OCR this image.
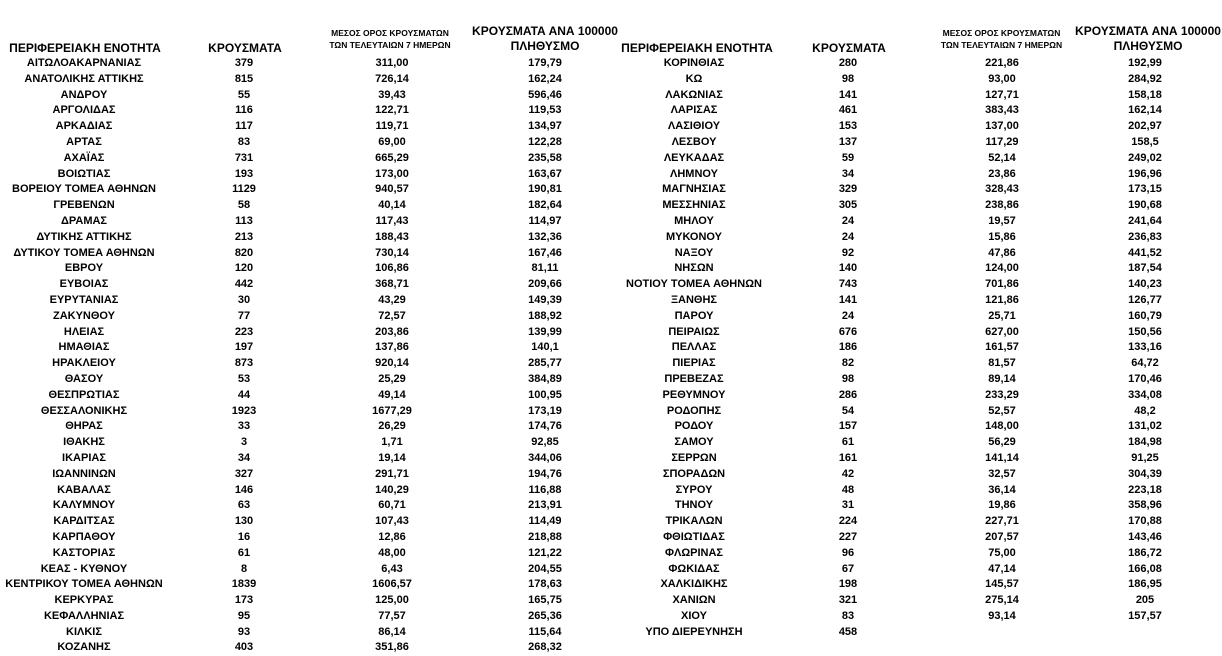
ΠΕΡΙΦΕΡΕΙΑΚΗ ΕΝΟΤΗΤΑ	ΚΡΟΥΣΜΑΤΑ
ΜΕΣΟΣ ΟΡΟΣ ΚΡΟΥΣΜΑΤΩΝ
ΤΩΝ ΤΕΛΕΥΤΑΙΩΝ 7 ΗΜΕΡΩΝ
ΚΡΟΥΣΜΑΤΑ ΑΝΑ 100000
ΠΛΗΘΥΣΜΟ
ΑΙΤΩΛΟΑΚΑΡΝΑΝΙΑΣ	379	311,00	179,79
ΑΝΑΤΟΛΙΚΗΣ ΑΤΤΙΚΗΣ	815	726,14	162,24
ΑΝΔΡΟΥ	55	39,43	596,46
ΑΡΓΟΛΙΔΑΣ	116	122,71	119,53
ΑΡΚΑΔΙΑΣ	117	119,71	134,97
ΑΡΤΑΣ	83	69,00	122,28
ΑΧΑΪΑΣ	731	665,29	235,58
ΒΟΙΩΤΙΑΣ	193	173,00	163,67
ΒΟΡΕΙΟΥ ΤΟΜΕΑ ΑΘΗΝΩΝ	1129	940,57	190,81
ΓΡΕΒΕΝΩΝ	58	40,14	182,64
ΔΡΑΜΑΣ	113	117,43	114,97
ΔΥΤΙΚΗΣ ΑΤΤΙΚΗΣ	213	188,43	132,36
ΔΥΤΙΚΟΥ ΤΟΜΕΑ ΑΘΗΝΩΝ	820	730,14	167,46
ΕΒΡΟΥ	120	106,86	81,11
ΕΥΒΟΙΑΣ	442	368,71	209,66
ΕΥΡΥΤΑΝΙΑΣ	30	43,29	149,39
ΖΑΚΥΝΘΟΥ	77	72,57	188,92
ΗΛΕΙΑΣ	223	203,86	139,99
ΗΜΑΘΙΑΣ	197	137,86	140,1
ΗΡΑΚΛΕΙΟΥ	873	920,14	285,77
ΘΑΣΟΥ	53	25,29	384,89
ΘΕΣΠΡΩΤΙΑΣ	44	49,14	100,95
ΘΕΣΣΑΛΟΝΙΚΗΣ	1923	1677,29	173,19
ΘΗΡΑΣ	33	26,29	174,76
ΙΘΑΚΗΣ	3	1,71	92,85
ΙΚΑΡΙΑΣ	34	19,14	344,06
ΙΩΑΝΝΙΝΩΝ	327	291,71	194,76
ΚΑΒΑΛΑΣ	146	140,29	116,88
ΚΑΛΥΜΝΟΥ	63	60,71	213,91
ΚΑΡΔΙΤΣΑΣ	130	107,43	114,49
ΚΑΡΠΑΘΟΥ	16	12,86	218,88
ΚΑΣΤΟΡΙΑΣ	61	48,00	121,22
ΚΕΑΣ - ΚΥΘΝΟΥ	8	6,43	204,55
ΚΕΝΤΡΙΚΟΥ ΤΟΜΕΑ ΑΘΗΝΩΝ	1839	1606,57	178,63
ΚΕΡΚΥΡΑΣ	173	125,00	165,75
ΚΕΦΑΛΛΗΝΙΑΣ	95	77,57	265,36
ΚΙΛΚΙΣ	93	86,14	115,64
ΚΟΖΑΝΗΣ	403	351,86	268,32
ΠΕΡΙΦΕΡΕΙΑΚΗ ΕΝΟΤΗΤΑ	ΚΡΟΥΣΜΑΤΑ
ΜΕΣΟΣ ΟΡΟΣ ΚΡΟΥΣΜΑΤΩΝ
ΤΩΝ ΤΕΛΕΥΤΑΙΩΝ 7 ΗΜΕΡΩΝ
ΚΡΟΥΣΜΑΤΑ ΑΝΑ 100000
ΠΛΗΘΥΣΜΟ
ΚΟΡΙΝΘΙΑΣ	280	221,86	192,99
ΚΩ	98	93,00	284,92
ΛΑΚΩΝΙΑΣ	141	127,71	158,18
ΛΑΡΙΣΑΣ	461	383,43	162,14
ΛΑΣΙΘΙΟΥ	153	137,00	202,97
ΛΕΣΒΟΥ	137	117,29	158,5
ΛΕΥΚΑΔΑΣ	59	52,14	249,02
ΛΗΜΝΟΥ	34	23,86	196,96
ΜΑΓΝΗΣΙΑΣ	329	328,43	173,15
ΜΕΣΣΗΝΙΑΣ	305	238,86	190,68
ΜΗΛΟΥ	24	19,57	241,64
ΜΥΚΟΝΟΥ	24	15,86	236,83
ΝΑΞΟΥ	92	47,86	441,52
ΝΗΣΩΝ	140	124,00	187,54
ΝΟΤΙΟΥ ΤΟΜΕΑ ΑΘΗΝΩΝ	743	701,86	140,23
ΞΑΝΘΗΣ	141	121,86	126,77
ΠΑΡΟΥ	24	25,71	160,79
ΠΕΙΡΑΙΩΣ	676	627,00	150,56
ΠΕΛΛΑΣ	186	161,57	133,16
ΠΙΕΡΙΑΣ	82	81,57	64,72
ΠΡΕΒΕΖΑΣ	98	89,14	170,46
ΡΕΘΥΜΝΟΥ	286	233,29	334,08
ΡΟΔΟΠΗΣ	54	52,57	48,2
ΡΟΔΟΥ	157	148,00	131,02
ΣΑΜΟΥ	61	56,29	184,98
ΣΕΡΡΩΝ	161	141,14	91,25
ΣΠΟΡΑΔΩΝ	42	32,57	304,39
ΣΥΡΟΥ	48	36,14	223,18
ΤΗΝΟΥ	31	19,86	358,96
ΤΡΙΚΑΛΩΝ	224	227,71	170,88
ΦΘΙΩΤΙΔΑΣ	227	207,57	143,46
ΦΛΩΡΙΝΑΣ	96	75,00	186,72
ΦΩΚΙΔΑΣ	67	47,14	166,08
ΧΑΛΚΙΔΙΚΗΣ	198	145,57	186,95
ΧΑΝΙΩΝ	321	275,14	205
ΧΙΟΥ	83	93,14	157,57
ΥΠΟ ΔΙΕΡΕΥΝΗΣΗ	458
